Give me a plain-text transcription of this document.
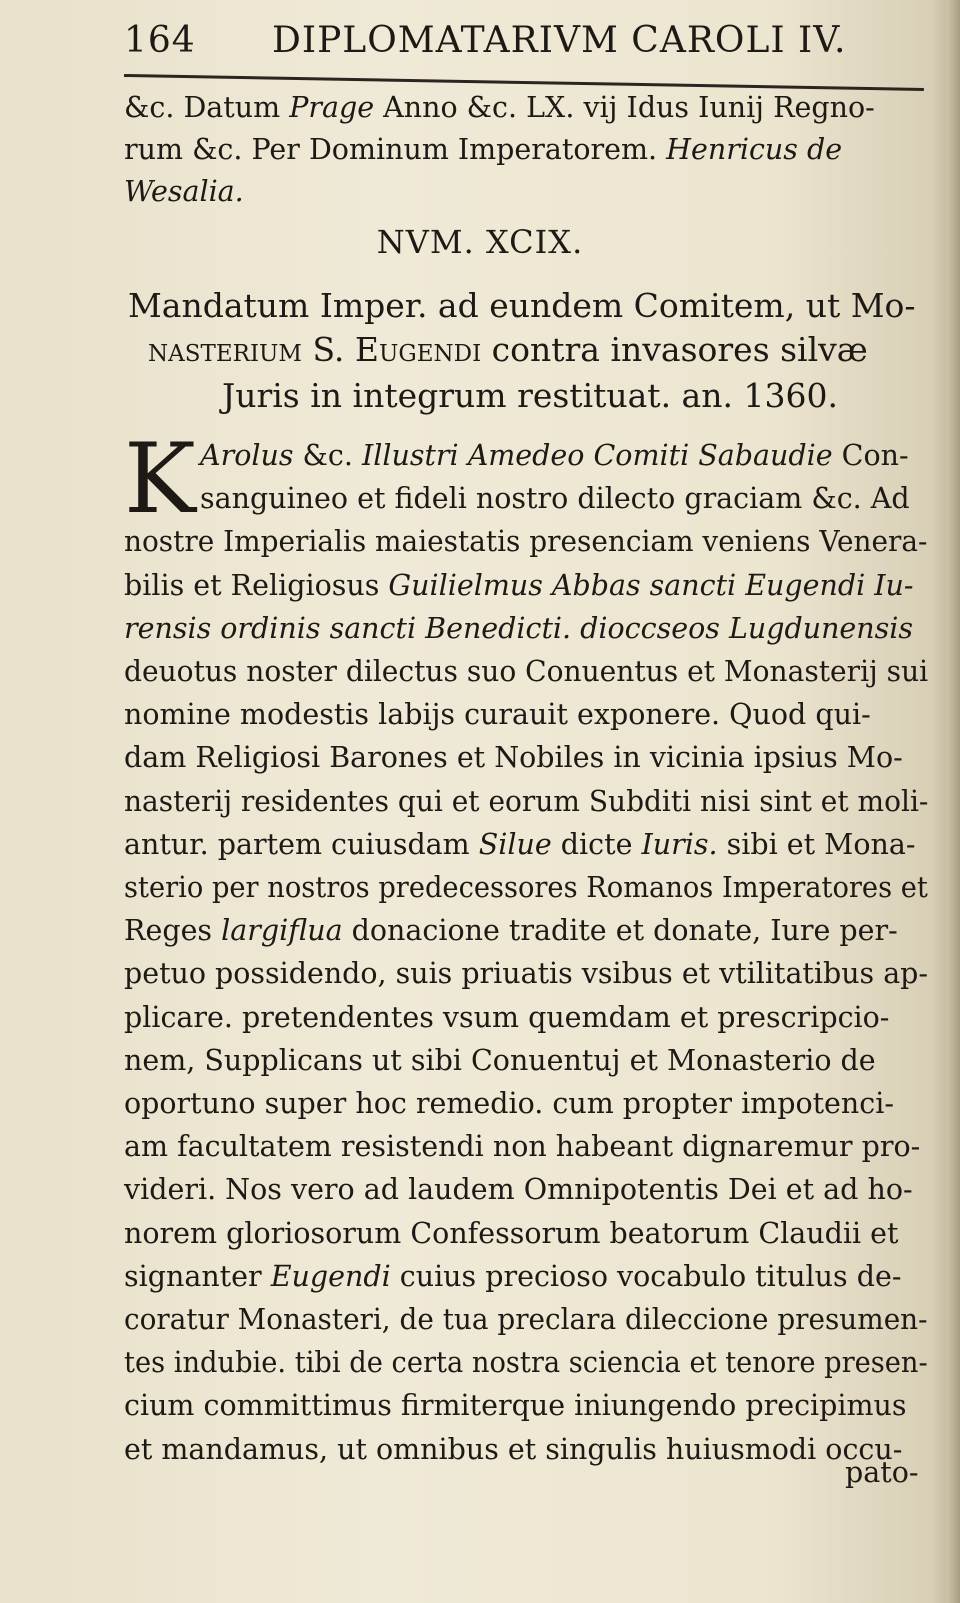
164 DIPLOMATARIVM CAROLI IV.
&c. Datum Prage Anno &c. LX. vij Idus Iunij Regno-
rum &c. Per Dominum Imperatorem. Henricus de
Wesalia.
NVM. XCIX.
Mandatum Imper. ad eundem Comitem, ut Mo-
nasterium S. Eugendi contra invasores silvæ
Juris in integrum restituat. an. 1360.
K Arolus &c. Illustri Amedeo Comiti Sabaudie Con-
sanguineo et fideli nostro dilecto graciam &c. Ad
nostre Imperialis maiestatis presenciam veniens Venera-
bilis et Religiosus Guilielmus Abbas sancti Eugendi Iu-
rensis ordinis sancti Benedicti. dioccseos Lugdunensis
deuotus noster dilectus suo Conuentus et Monasterij sui
nomine modestis labijs curauit exponere. Quod qui-
dam Religiosi Barones et Nobiles in vicinia ipsius Mo-
nasterij residentes qui et eorum Subditi nisi sint et moli-
antur. partem cuiusdam Silue dicte Iuris. sibi et Mona-
sterio per nostros predecessores Romanos Imperatores et
Reges largiflua donacione tradite et donate, Iure per-
petuo possidendo, suis priuatis vsibus et vtilitatibus ap-
plicare. pretendentes vsum quemdam et prescripcio-
nem, Supplicans ut sibi Conuentuj et Monasterio de
oportuno super hoc remedio. cum propter impotenci-
am facultatem resistendi non habeant dignaremur pro-
videri. Nos vero ad laudem Omnipotentis Dei et ad ho-
norem gloriosorum Confessorum beatorum Claudii et
signanter Eugendi cuius precioso vocabulo titulus de-
coratur Monasteri, de tua preclara dileccione presumen-
tes indubie. tibi de certa nostra sciencia et tenore presen-
cium committimus firmiterque iniungendo precipimus
et mandamus, ut omnibus et singulis huiusmodi occu-
pato-
